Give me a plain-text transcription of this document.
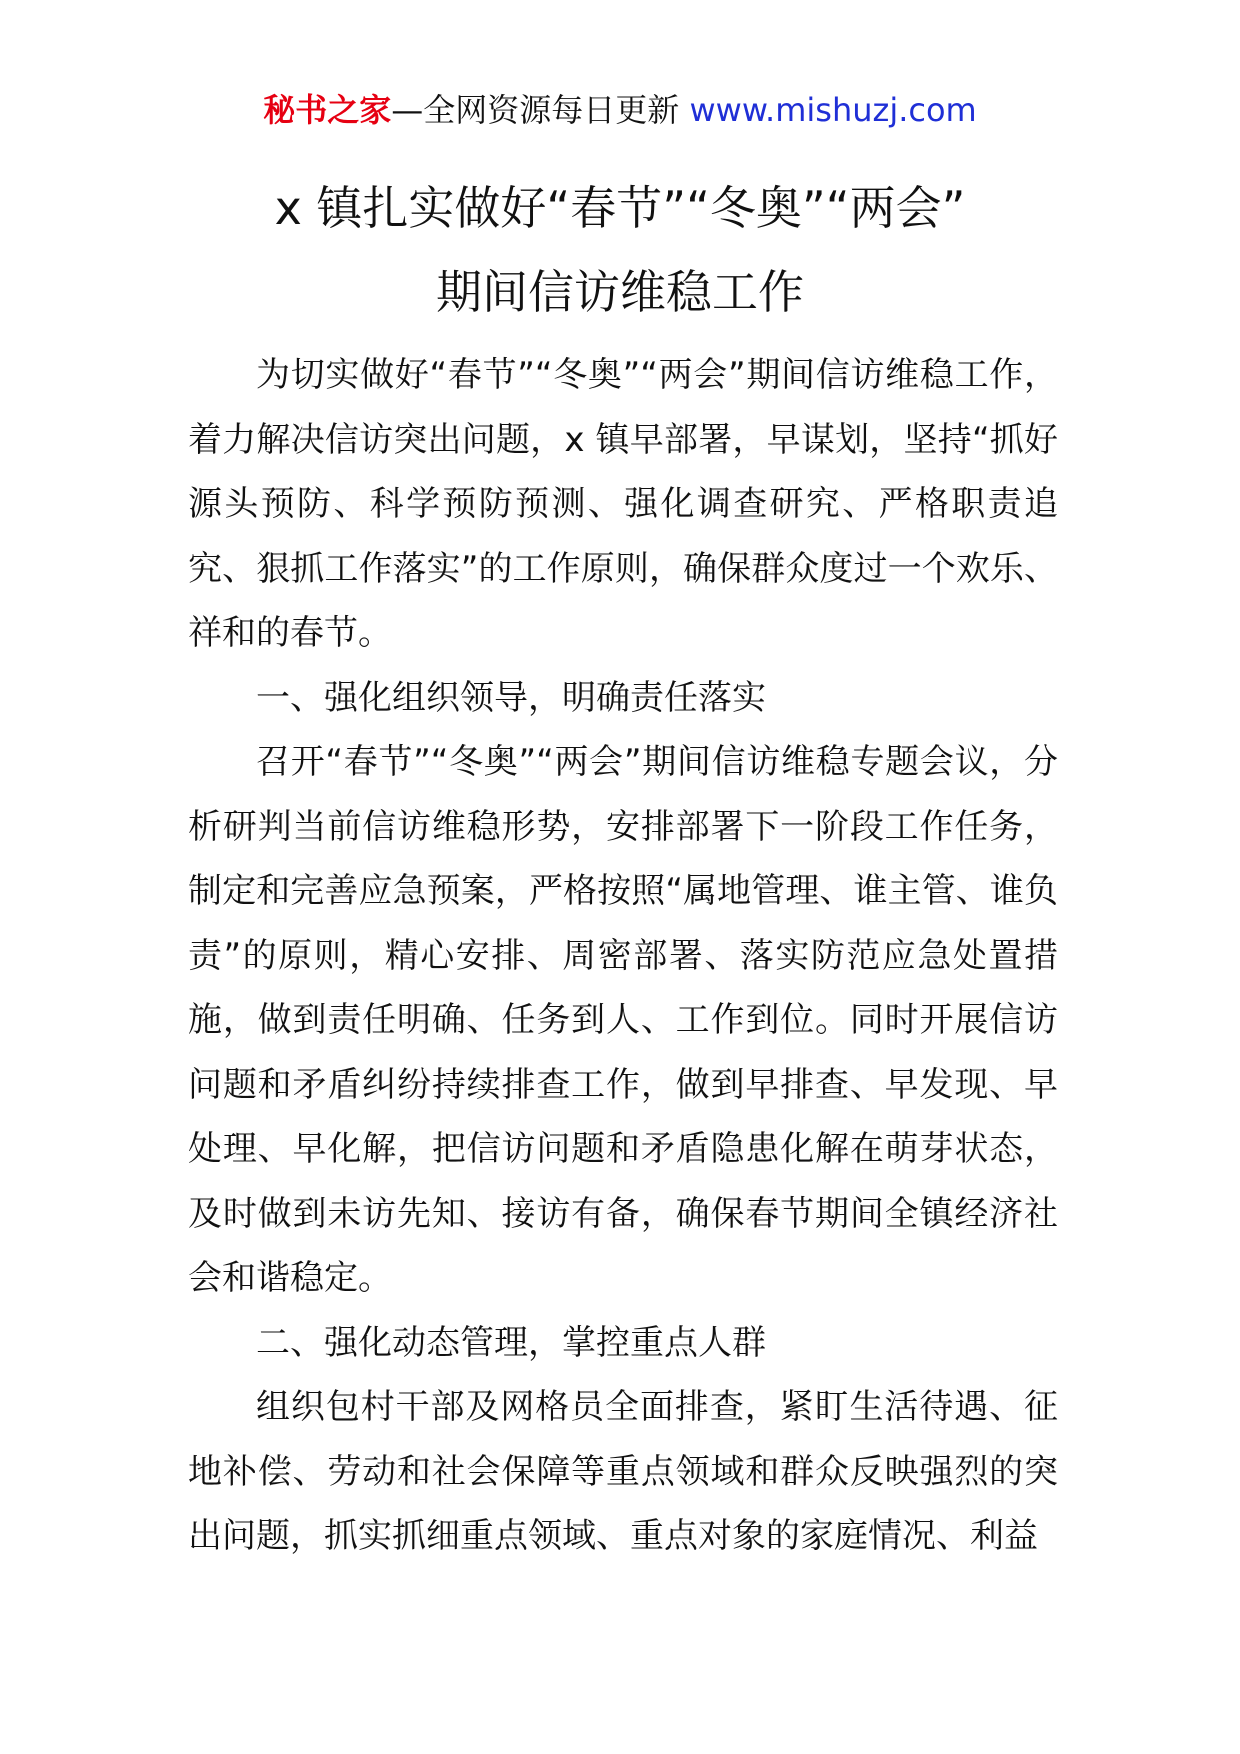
秘书之家—全网资源每日更新 www.mishuzj.com
x 镇扎实做好“春节”“冬奥”“两会”
期间信访维稳工作

为切实做好“春节”“冬奥”“两会”期间信访维稳工作，着力解决信访突出问题，x 镇早部署，早谋划，坚持“抓好源头预防、科学预防预测、强化调查研究、严格职责追究、狠抓工作落实”的工作原则，确保群众度过一个欢乐、祥和的春节。

一、强化组织领导，明确责任落实

召开“春节”“冬奥”“两会”期间信访维稳专题会议，分析研判当前信访维稳形势，安排部署下一阶段工作任务，制定和完善应急预案，严格按照“属地管理、谁主管、谁负责”的原则，精心安排、周密部署、落实防范应急处置措施，做到责任明确、任务到人、工作到位。同时开展信访问题和矛盾纠纷持续排查工作，做到早排查、早发现、早处理、早化解，把信访问题和矛盾隐患化解在萌芽状态，及时做到未访先知、接访有备，确保春节期间全镇经济社会和谐稳定。

二、强化动态管理，掌控重点人群

组织包村干部及网格员全面排查，紧盯生活待遇、征地补偿、劳动和社会保障等重点领域和群众反映强烈的突出问题，抓实抓细重点领域、重点对象的家庭情况、利益
